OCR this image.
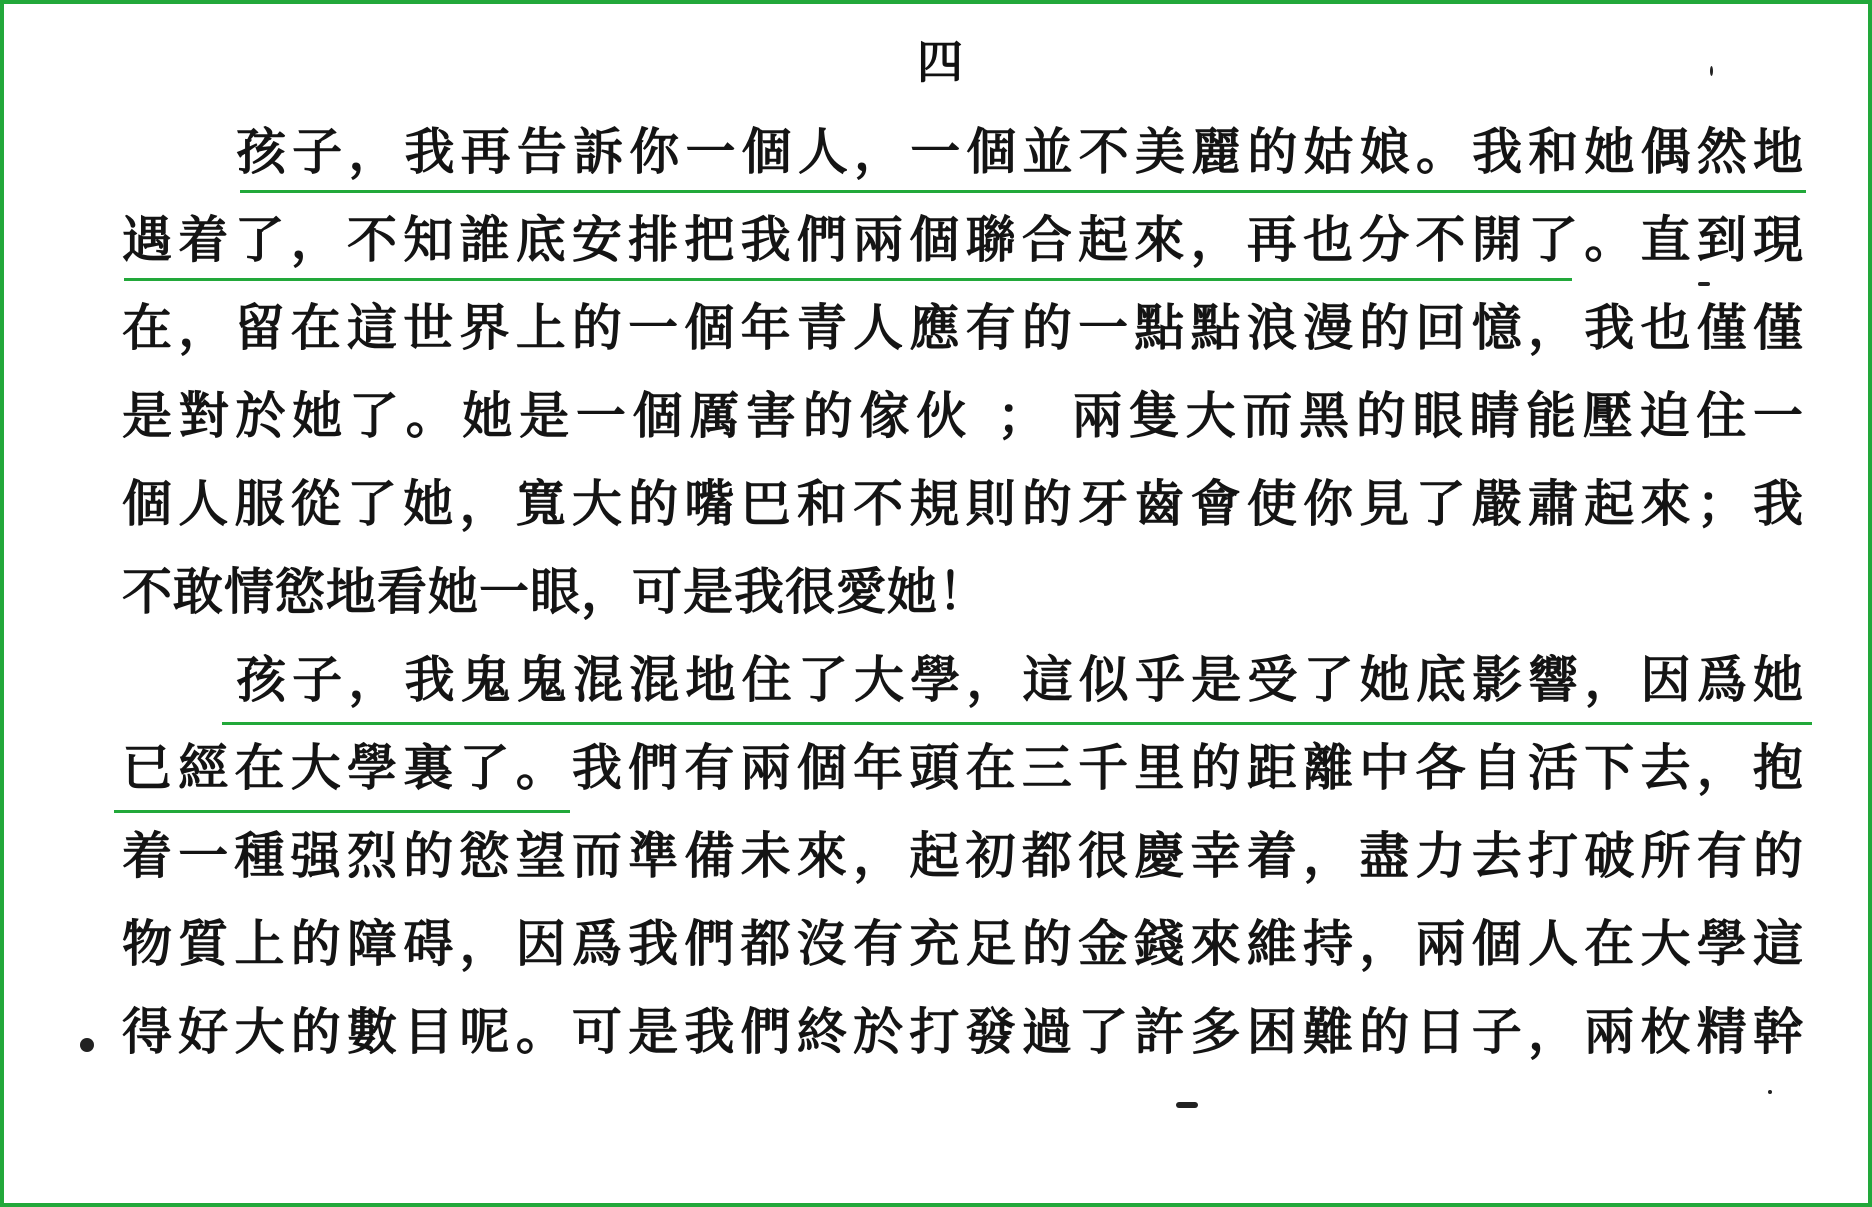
四
孩子，我再告訴你一個人，一個並不美麗的姑娘。我和她偶然地
遇着了，不知誰底安排把我們兩個聯合起來，再也分不開了。直到現
在，留在這世界上的一個年青人應有的一點點浪漫的回憶，我也僅僅
是對於她了。她是一個厲害的傢伙 ； 兩隻大而黑的眼睛能壓迫住一
個人服從了她，寬大的嘴巴和不規則的牙齒會使你見了嚴肅起來；我
不敢情慾地看她一眼，可是我很愛她！
孩子，我鬼鬼混混地住了大學，這似乎是受了她底影響，因爲她
已經在大學裏了。我們有兩個年頭在三千里的距離中各自活下去，抱
着一種强烈的慾望而準備未來，起初都很慶幸着，盡力去打破所有的
物質上的障碍，因爲我們都沒有充足的金錢來維持，兩個人在大學這
得好大的數目呢。可是我們終於打發過了許多困難的日子，兩枚精幹
